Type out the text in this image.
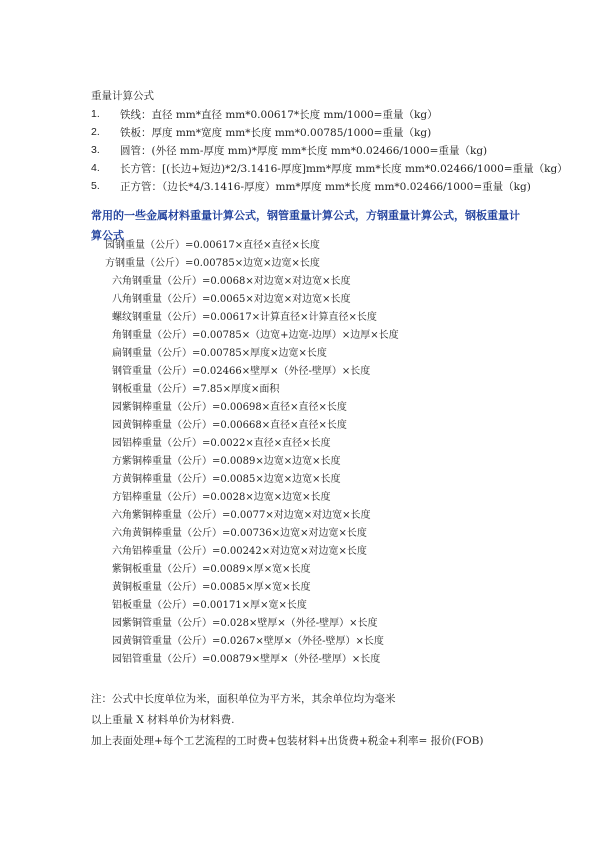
重量计算公式
1.	铁线：直径 mm*直径 mm*0.00617*长度 mm/1000=重量（kg）
2.	铁板：厚度 mm*宽度 mm*长度 mm*0.00785/1000=重量（kg)
3.	圆管：(外径 mm-厚度 mm)*厚度 mm*长度 mm*0.02466/1000=重量（kg)
4.	长方管：[(长边+短边)*2/3.1416-厚度]mm*厚度 mm*长度 mm*0.02466/1000=重量（kg）
5.	正方管：（边长*4/3.1416-厚度）mm*厚度 mm*长度 mm*0.02466/1000=重量（kg)
常用的一些金属材料重量计算公式，钢管重量计算公式，方钢重量计算公式，钢板重量计算公式
园钢重量（公斤）=0.00617×直径×直径×长度
方钢重量（公斤）=0.00785×边宽×边宽×长度
六角钢重量（公斤）=0.0068×对边宽×对边宽×长度
八角钢重量（公斤）=0.0065×对边宽×对边宽×长度
螺纹钢重量（公斤）=0.00617×计算直径×计算直径×长度
角钢重量（公斤）=0.00785×（边宽+边宽-边厚）×边厚×长度
扁钢重量（公斤）=0.00785×厚度×边宽×长度
钢管重量（公斤）=0.02466×壁厚×（外径-壁厚）×长度
钢板重量（公斤）=7.85×厚度×面积
园紫铜棒重量（公斤）=0.00698×直径×直径×长度
园黄铜棒重量（公斤）=0.00668×直径×直径×长度
园铝棒重量（公斤）=0.0022×直径×直径×长度
方紫铜棒重量（公斤）=0.0089×边宽×边宽×长度
方黄铜棒重量（公斤）=0.0085×边宽×边宽×长度
方铝棒重量（公斤）=0.0028×边宽×边宽×长度
六角紫铜棒重量（公斤）=0.0077×对边宽×对边宽×长度
六角黄铜棒重量（公斤）=0.00736×边宽×对边宽×长度
六角铝棒重量（公斤）=0.00242×对边宽×对边宽×长度
紫铜板重量（公斤）=0.0089×厚×宽×长度
黄铜板重量（公斤）=0.0085×厚×宽×长度
铝板重量（公斤）=0.00171×厚×宽×长度
园紫铜管重量（公斤）=0.028×壁厚×（外径-壁厚）×长度
园黄铜管重量（公斤）=0.0267×壁厚×（外径-壁厚）×长度
园铝管重量（公斤）=0.00879×壁厚×（外径-壁厚）×长度
注：公式中长度单位为米，面积单位为平方米，其余单位均为毫米
以上重量 X 材料单价为材料费.
加上表面处理+每个工艺流程的工时费+包装材料+出货费+税金+利率= 报价(FOB)
